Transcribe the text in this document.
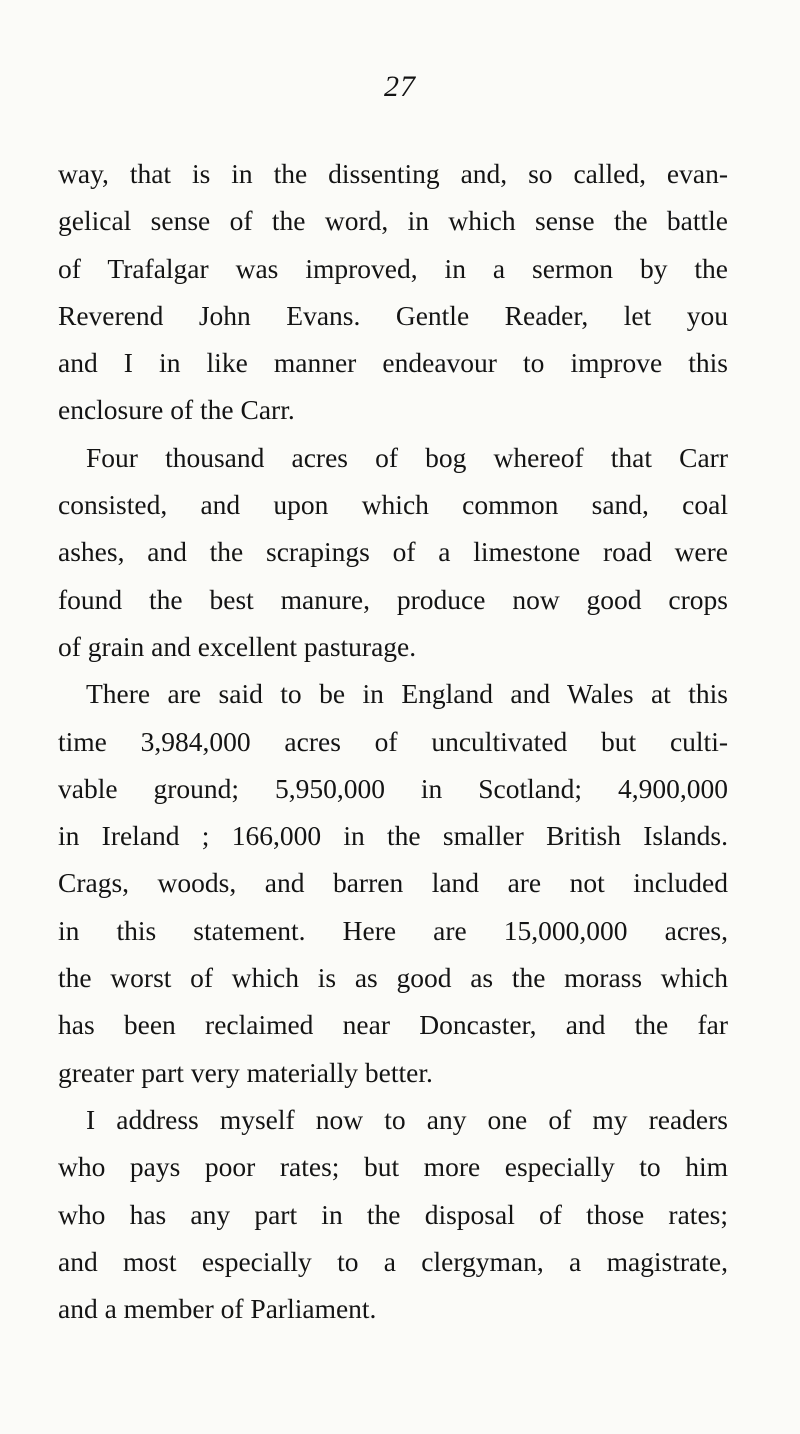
27
way, that is in the dissenting and, so called, evan-
gelical sense of the word, in which sense the battle
of Trafalgar was improved, in a sermon by the
Reverend John Evans. Gentle Reader, let you
and I in like manner endeavour to improve this
enclosure of the Carr.
Four thousand acres of bog whereof that Carr
consisted, and upon which common sand, coal
ashes, and the scrapings of a limestone road were
found the best manure, produce now good crops
of grain and excellent pasturage.
There are said to be in England and Wales at this
time 3,984,000 acres of uncultivated but culti-
vable ground; 5,950,000 in Scotland; 4,900,000
in Ireland ; 166,000 in the smaller British Islands.
Crags, woods, and barren land are not included
in this statement. Here are 15,000,000 acres,
the worst of which is as good as the morass which
has been reclaimed near Doncaster, and the far
greater part very materially better.
I address myself now to any one of my readers
who pays poor rates; but more especially to him
who has any part in the disposal of those rates;
and most especially to a clergyman, a magistrate,
and a member of Parliament.
